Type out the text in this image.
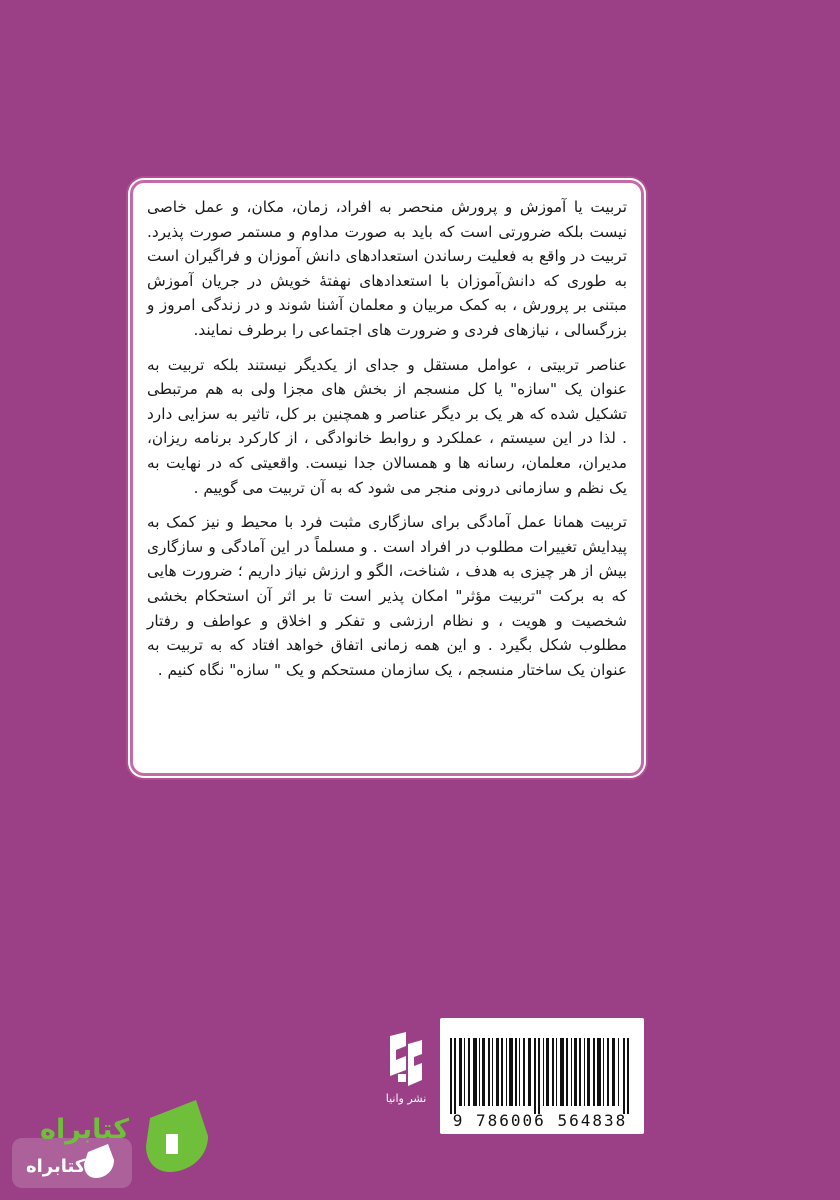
تربیت یا آموزش و پرورش منحصر به افراد، زمان، مکان، و عمل خاصی نیست بلکه ضرورتی است که باید به صورت مداوم و مستمر صورت پذیرد. تربیت در واقع به فعلیت رساندن استعدادهای دانش آموزان و فراگیران است به طوری که دانش‌آموزان با استعدادهای نهفتهٔ خویش در جریان آموزش مبتنی بر پرورش ، به کمک مربیان و معلمان آشنا شوند و در زندگی امروز و بزرگسالی ، نیازهای فردی و ضرورت های اجتماعی را برطرف نمایند.

عناصر تربیتی ، عوامل مستقل و جدای از یکدیگر نیستند بلکه تربیت به عنوان یک "سازه" یا کل منسجم از بخش های مجزا ولی به هم مرتبطی تشکیل شده که هر یک بر دیگر عناصر و همچنین بر کل، تاثیر به سزایی دارد . لذا در این سیستم ، عملکرد و روابط خانوادگی ، از کارکرد برنامه ریزان، مدیران، معلمان، رسانه ها و همسالان جدا نیست. واقعیتی که در نهایت به یک نظم و سازمانی درونی منجر می شود که به آن تربیت می گوییم .

تربیت همانا عمل آمادگی برای سازگاری مثبت فرد با محیط و نیز کمک به پیدایش تغییرات مطلوب در افراد است . و مسلماً در این آمادگی و سازگاری بیش از هر چیزی به هدف ، شناخت، الگو و ارزش نیاز داریم ؛ ضرورت هایی که به برکت "تربیت مؤثر" امکان پذیر است تا بر اثر آن استحکام بخشی شخصیت و هویت ، و نظام ارزشی و تفکر و اخلاق و عواطف و رفتار مطلوب شکل بگیرد . و این همه زمانی اتفاق خواهد افتاد که به تربیت به عنوان یک ساختار منسجم ، یک سازمان مستحکم و یک " سازه" نگاه کنیم .

نشر وانیا
9 786006 564838
کتابراه
کتابراه
